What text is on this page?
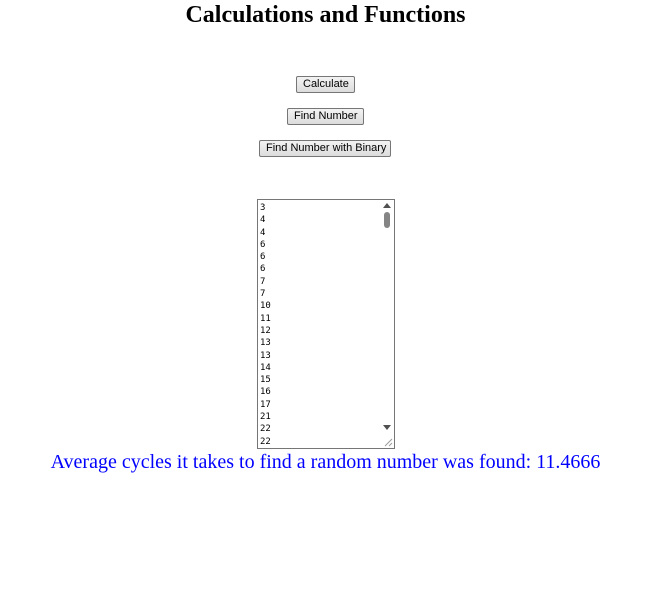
Calculations and Functions
Calculate
Find Number
Find Number with Binary
3
4
4
6
6
6
7
7
10
11
12
13
13
14
15
16
17
21
22
22
Average cycles it takes to find a random number was found: 11.4666
